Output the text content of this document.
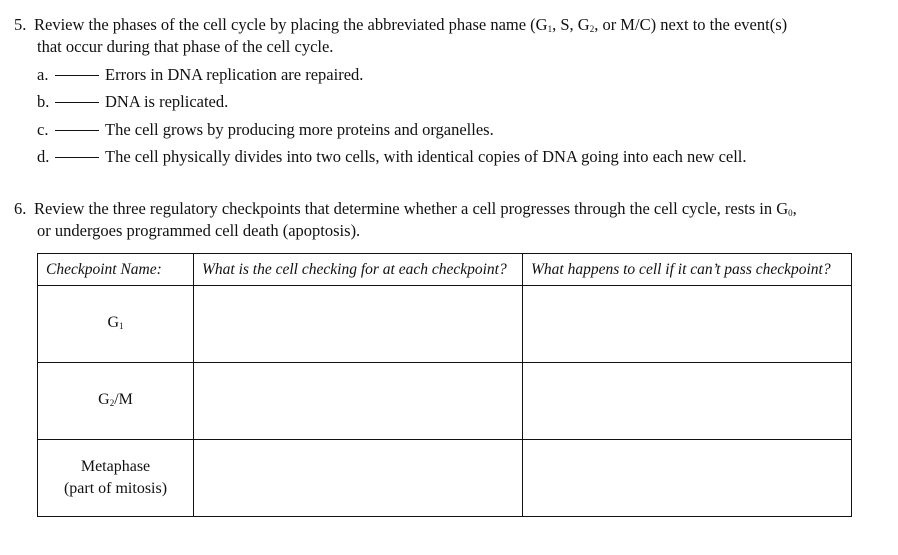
5. Review the phases of the cell cycle by placing the abbreviated phase name ($G_1$, S, $G_2$, or M/C) next to the event(s)
that occur during that phase of the cell cycle.
a.	Errors in DNA replication are repaired.
b.	DNA is replicated.
c.	The cell grows by producing more proteins and organelles.
d.	The cell physically divides into two cells, with identical copies of DNA going into each new cell.
6. Review the three regulatory checkpoints that determine whether a cell progresses through the cell cycle, rests in $G_0$,
or undergoes programmed cell death (apoptosis).
Checkpoint Name:	What is the cell checking for at each checkpoint?	What happens to cell if it can’t pass checkpoint?

$G_1$

$G_2/M$		

Metaphase
(part of mitosis)		
